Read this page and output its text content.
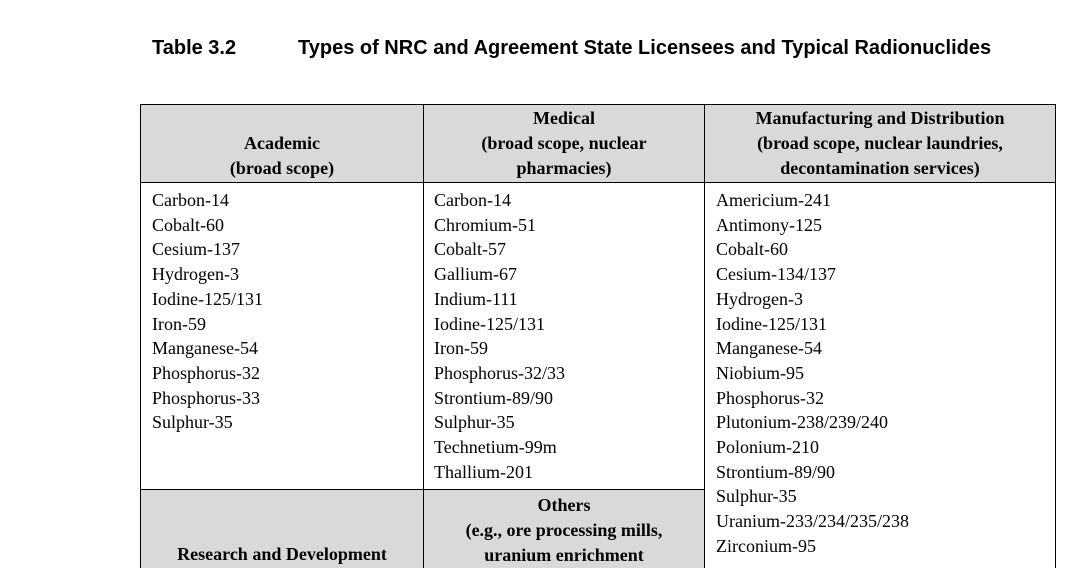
Table 3.2	Types of NRC and Agreement State Licensees and Typical Radionuclides
Academic
(broad scope)
Medical
(broad scope, nuclear
pharmacies)
Manufacturing and Distribution
(broad scope, nuclear laundries,
decontamination services)
Research and Development
Others
(e.g., ore processing mills,
uranium enrichment
Carbon-14
Cobalt-60
Cesium-137
Hydrogen-3
Iodine-125/131
Iron-59
Manganese-54
Phosphorus-32
Phosphorus-33
Sulphur-35
Carbon-14
Chromium-51
Cobalt-57
Gallium-67
Indium-111
Iodine-125/131
Iron-59
Phosphorus-32/33
Strontium-89/90
Sulphur-35
Technetium-99m
Thallium-201
Americium-241
Antimony-125
Cobalt-60
Cesium-134/137
Hydrogen-3
Iodine-125/131
Manganese-54
Niobium-95
Phosphorus-32
Plutonium-238/239/240
Polonium-210
Strontium-89/90
Sulphur-35
Uranium-233/234/235/238
Zirconium-95
